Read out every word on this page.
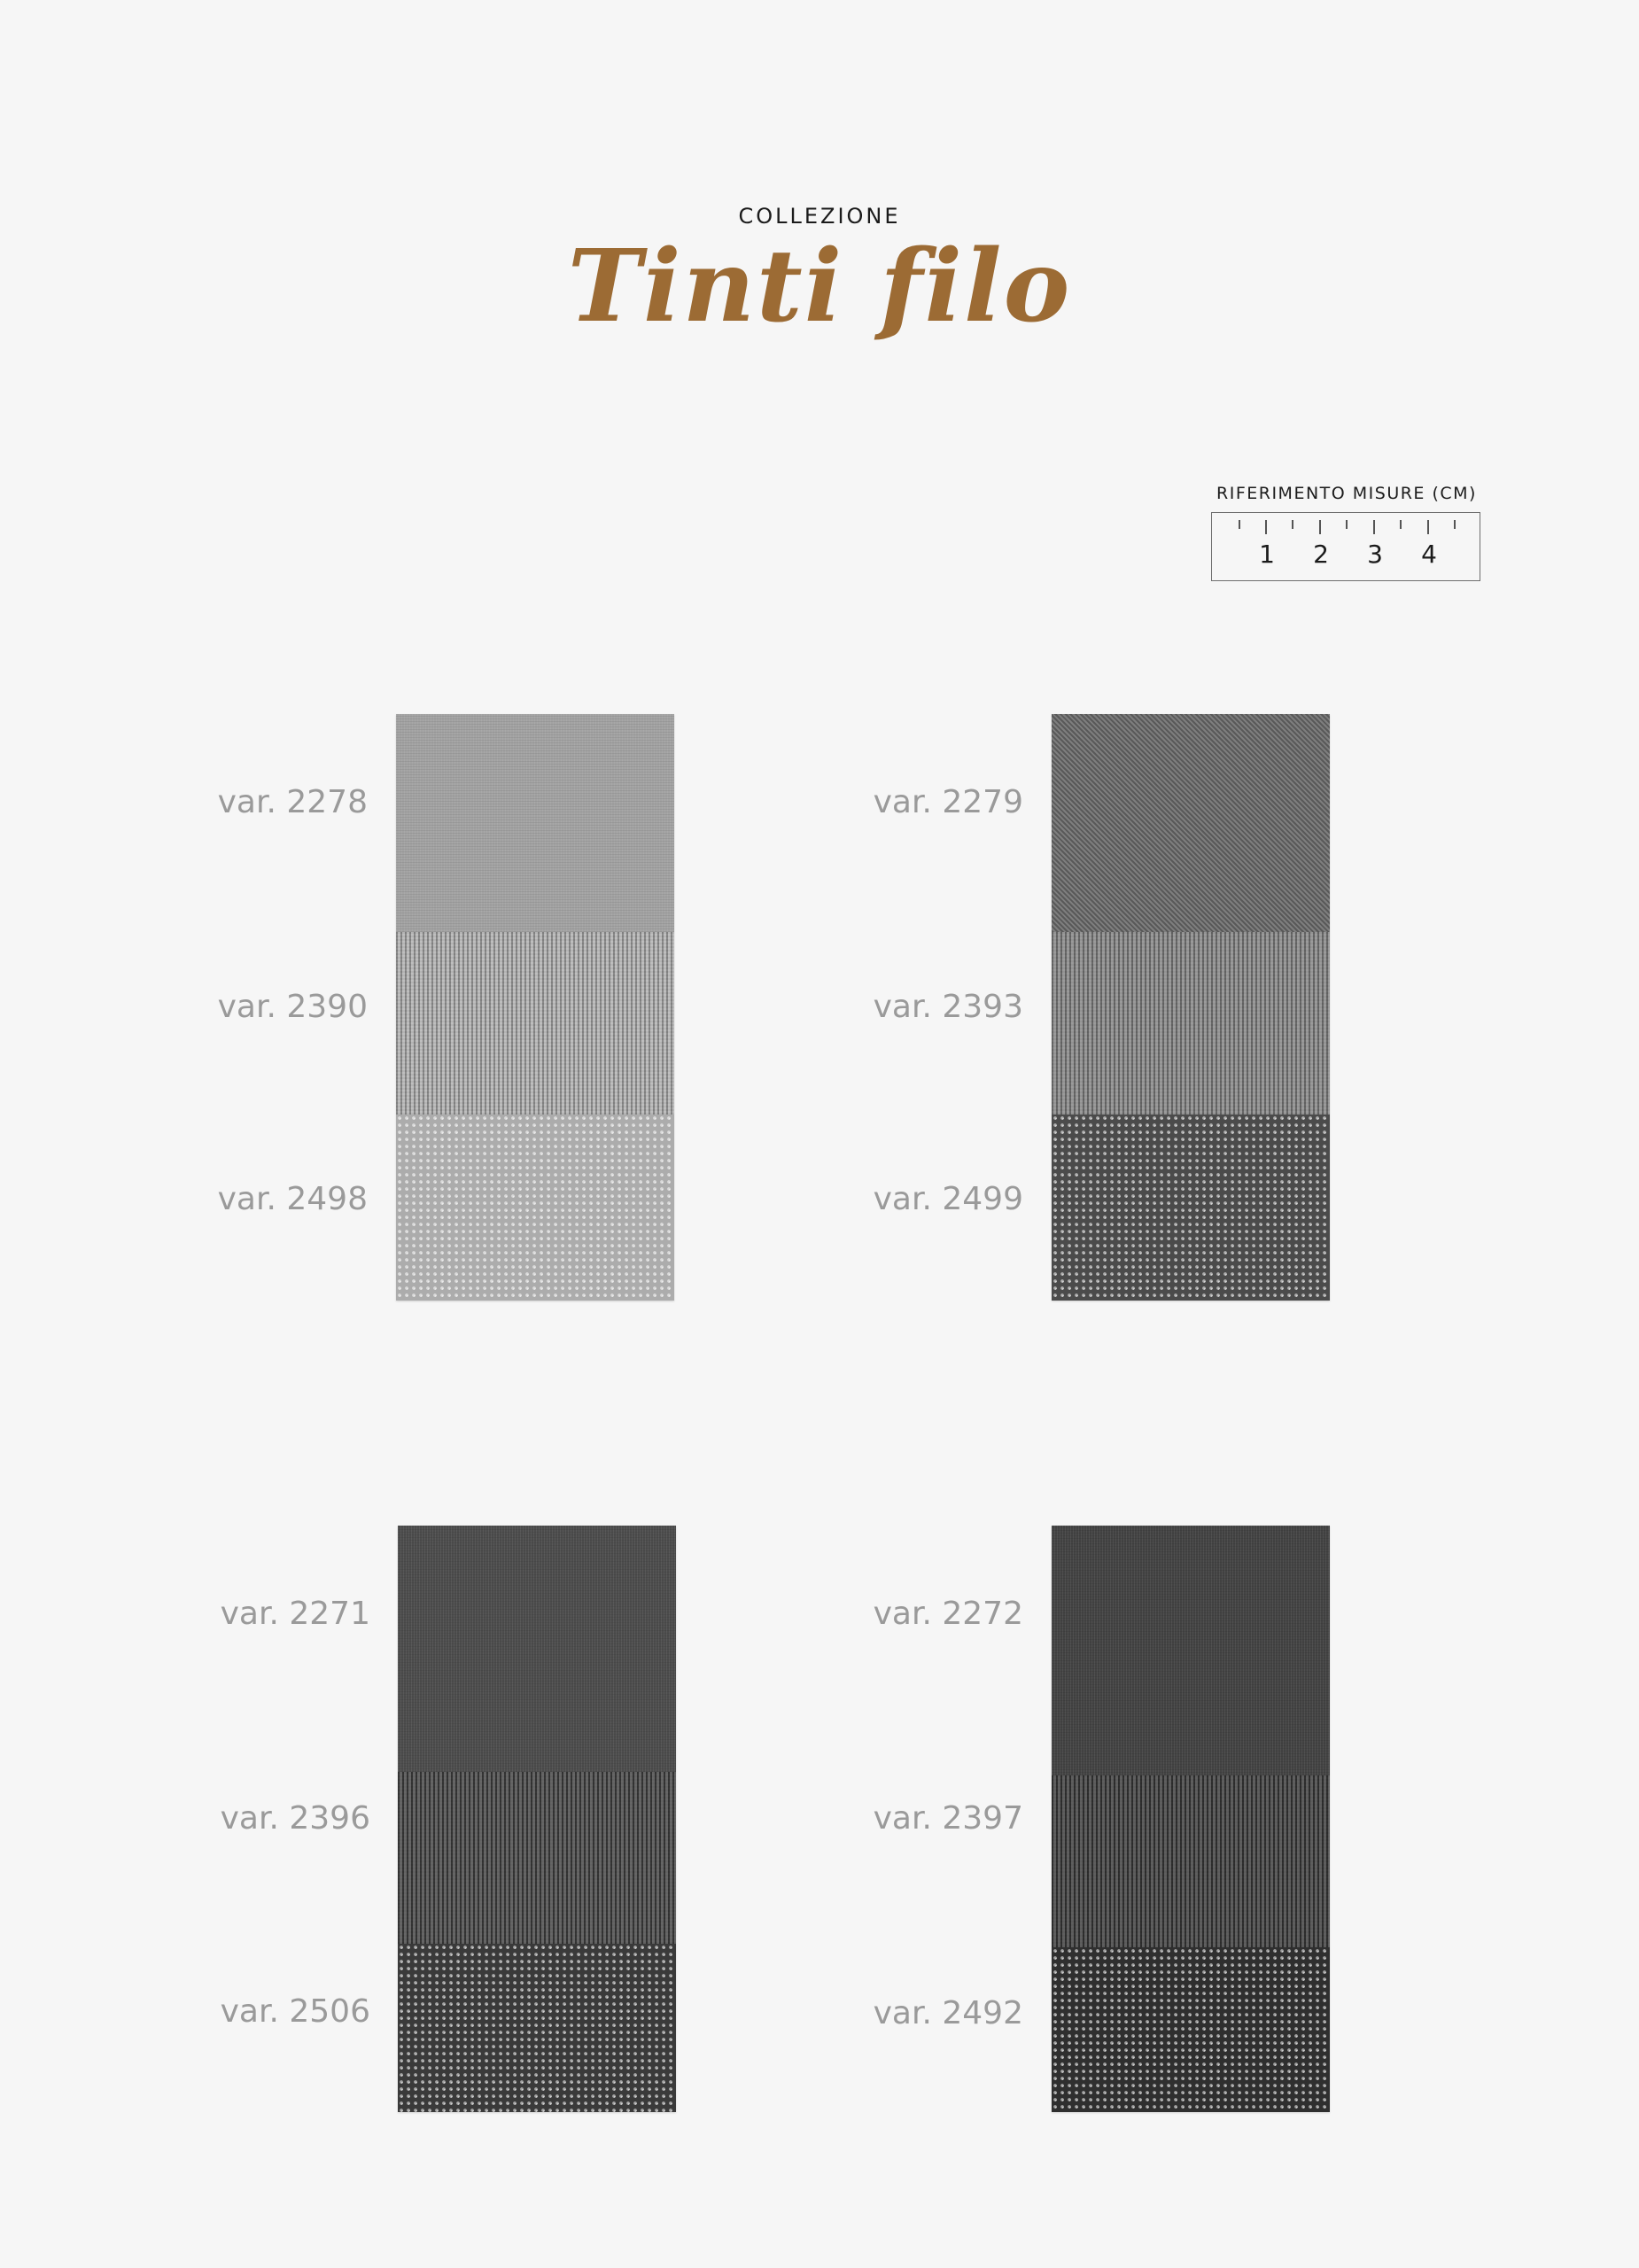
COLLEZIONE
Tinti filo
RIFERIMENTO MISURE (CM)
1 2 3 4
var. 2278
var. 2390
var. 2498
var. 2279
var. 2393
var. 2499
var. 2271
var. 2396
var. 2506
var. 2272
var. 2397
var. 2492
